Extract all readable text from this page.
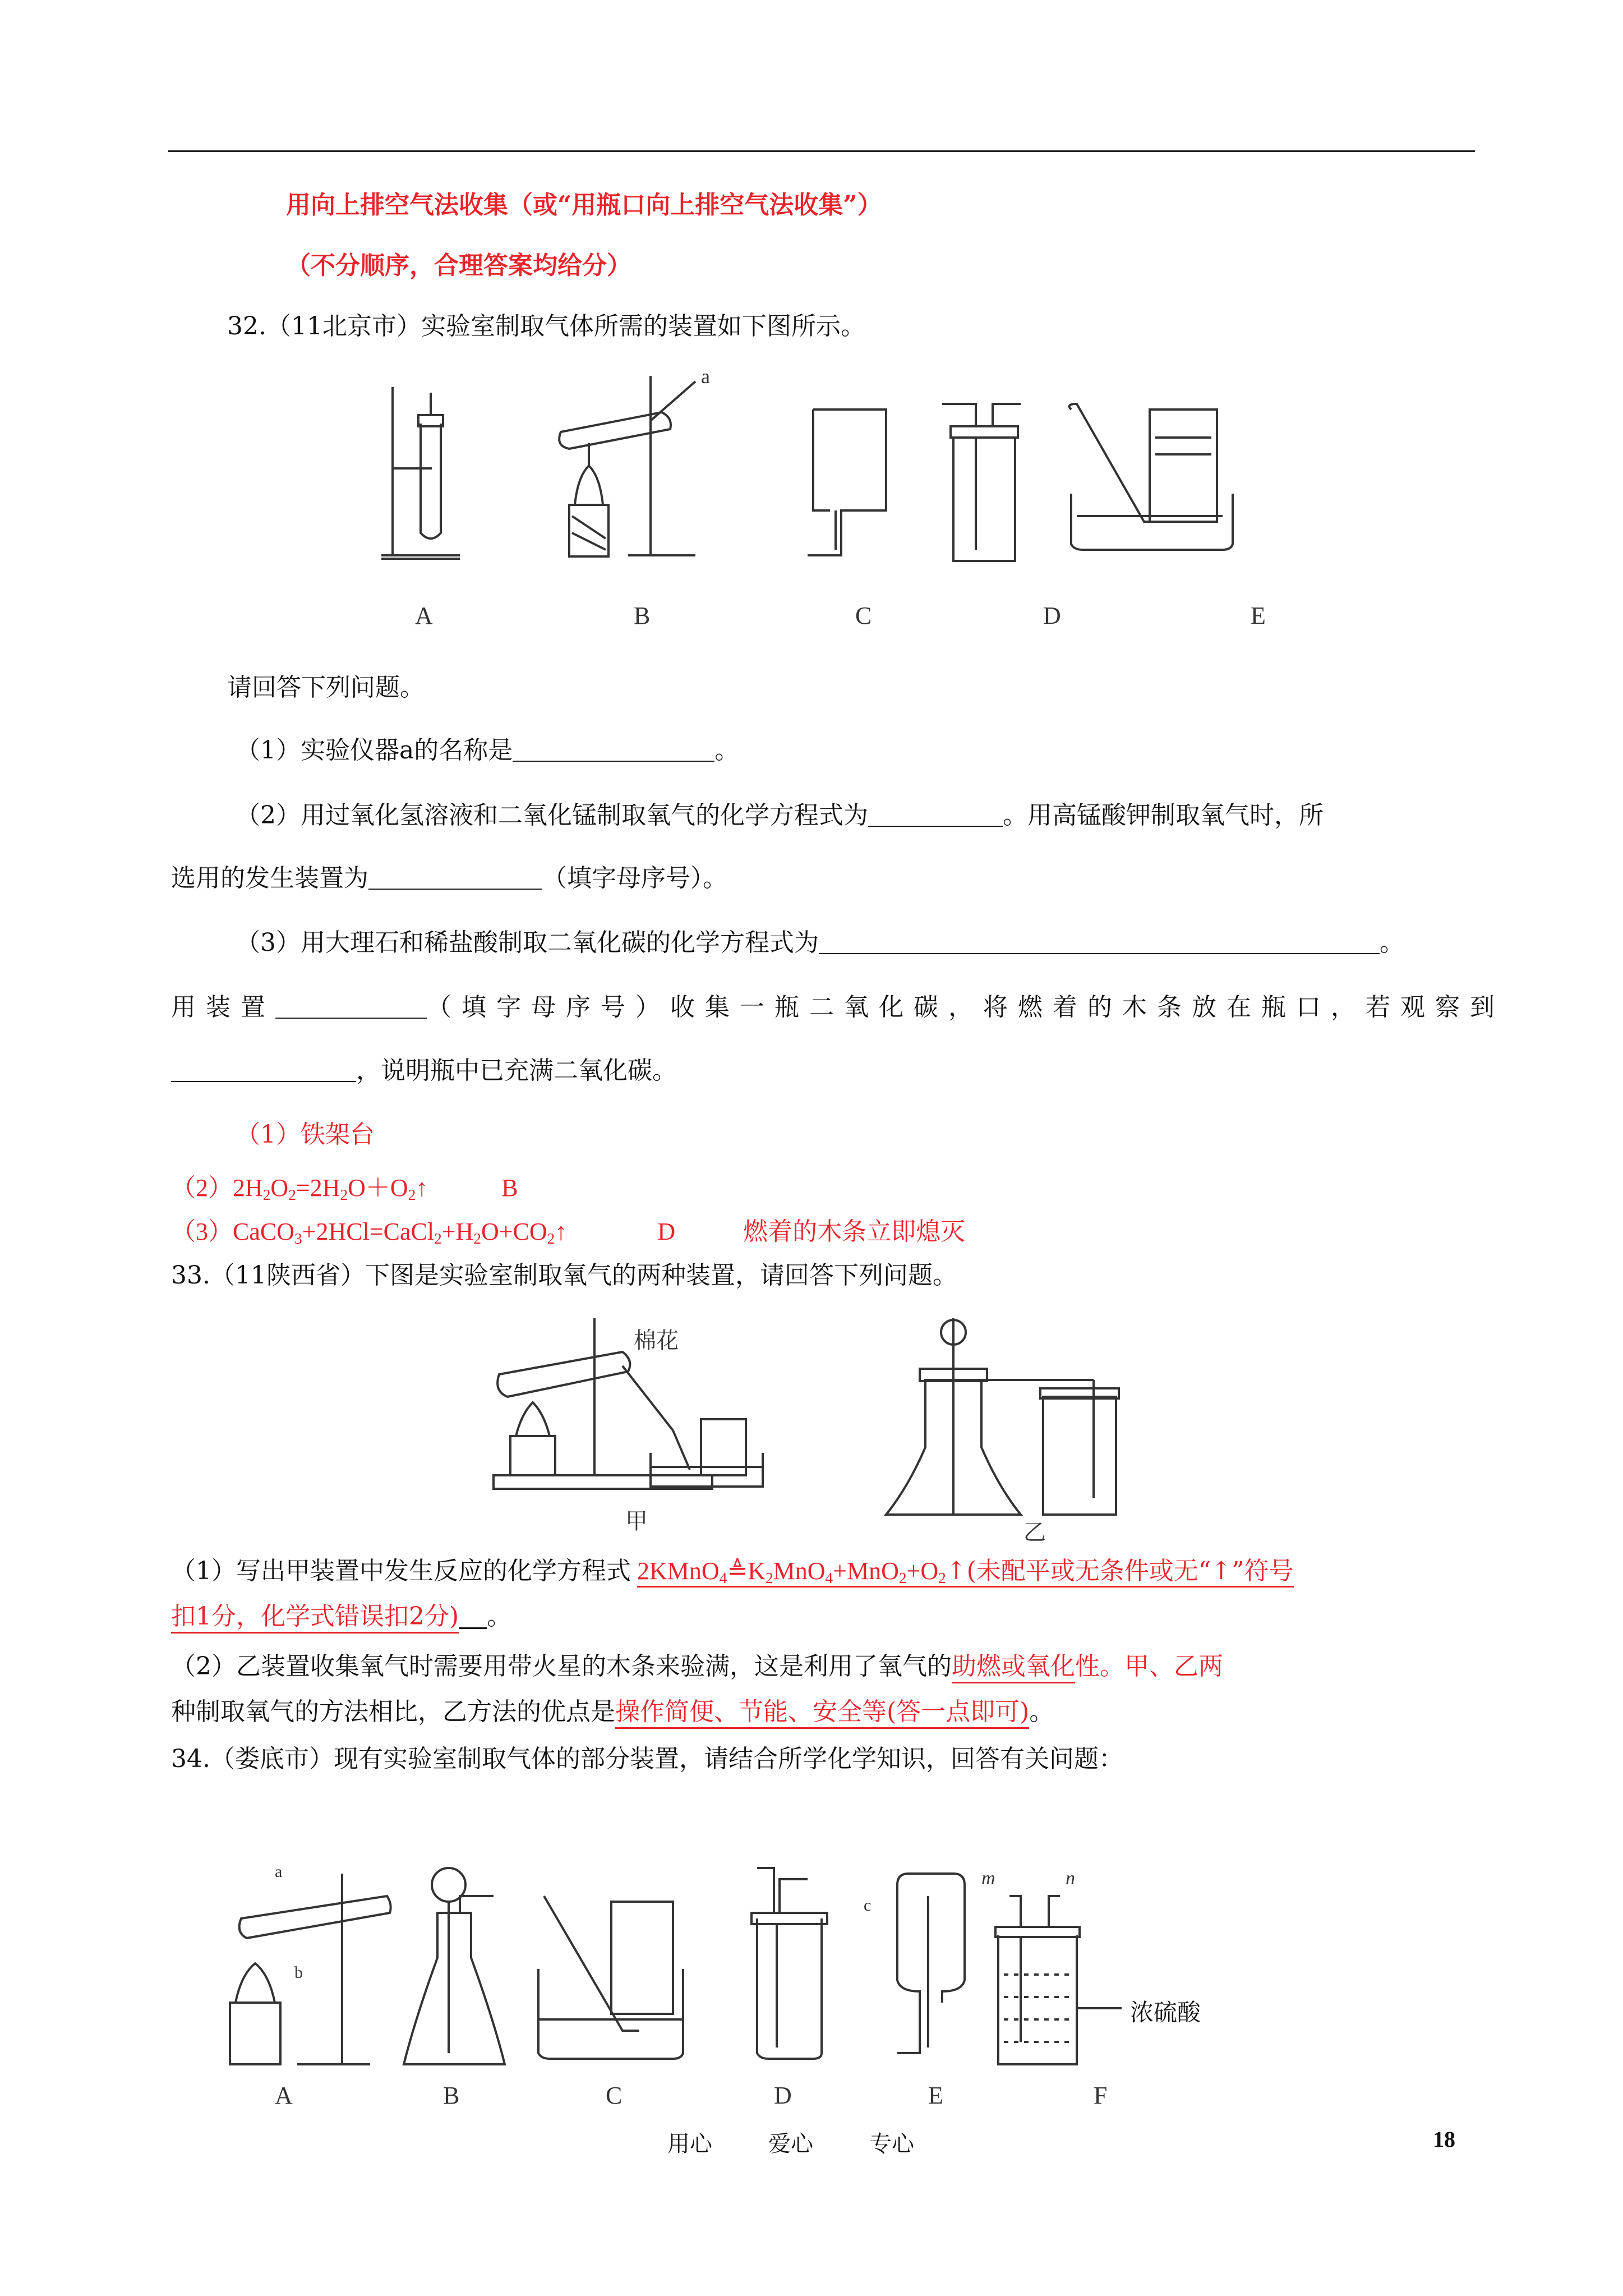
用向上排空气法收集（或“用瓶口向上排空气法收集”）
（不分顺序，合理答案均给分）
32.（11北京市）实验室制取气体所需的装置如下图所示。
A	B	C	D	E
a
请回答下列问题。
（1）实验仪器a的名称是	。
（2）用过氧化氢溶液和二氧化锰制取氧气的化学方程式为	。用高锰酸钾制取氧气时，所
选用的发生装置为	（填字母序号）。
（3）用大理石和稀盐酸制取二氧化碳的化学方程式为	。
用装置	（填字母序号）收集一瓶二氧化碳，将燃着的木条放在瓶口，若观察到
，说明瓶中已充满二氧化碳。
（1）铁架台
$(2)2H_2O_2=2H_2O+O_2↑$	B
$(3)CaCO_3+2HCl=CaCl_2+H_2O+CO_2↑$	D	燃着的木条立即熄灭
33.（11陕西省）下图是实验室制取氧气的两种装置，请回答下列问题。
棉花
甲	乙
（1）写出甲装置中发生反应的化学方程式 $2KMnO_4≜K_2MnO_4+MnO_2+O_2↑$(未配平或无条件或无“↑”符号
扣1分，化学式错误扣2分) 。
（2）乙装置收集氧气时需要用带火星的木条来验满，这是利用了氧气的助燃或氧化性。甲、乙两
种制取氧气的方法相比，乙方法的优点是操作简便、节能、安全等(答一点即可)。
34.（娄底市）现有实验室制取气体的部分装置，请结合所学化学知识，回答有关问题：
A	B	C	D	E	F
a
b
c
m	n
浓硫酸
用心	爱心	专心	18
